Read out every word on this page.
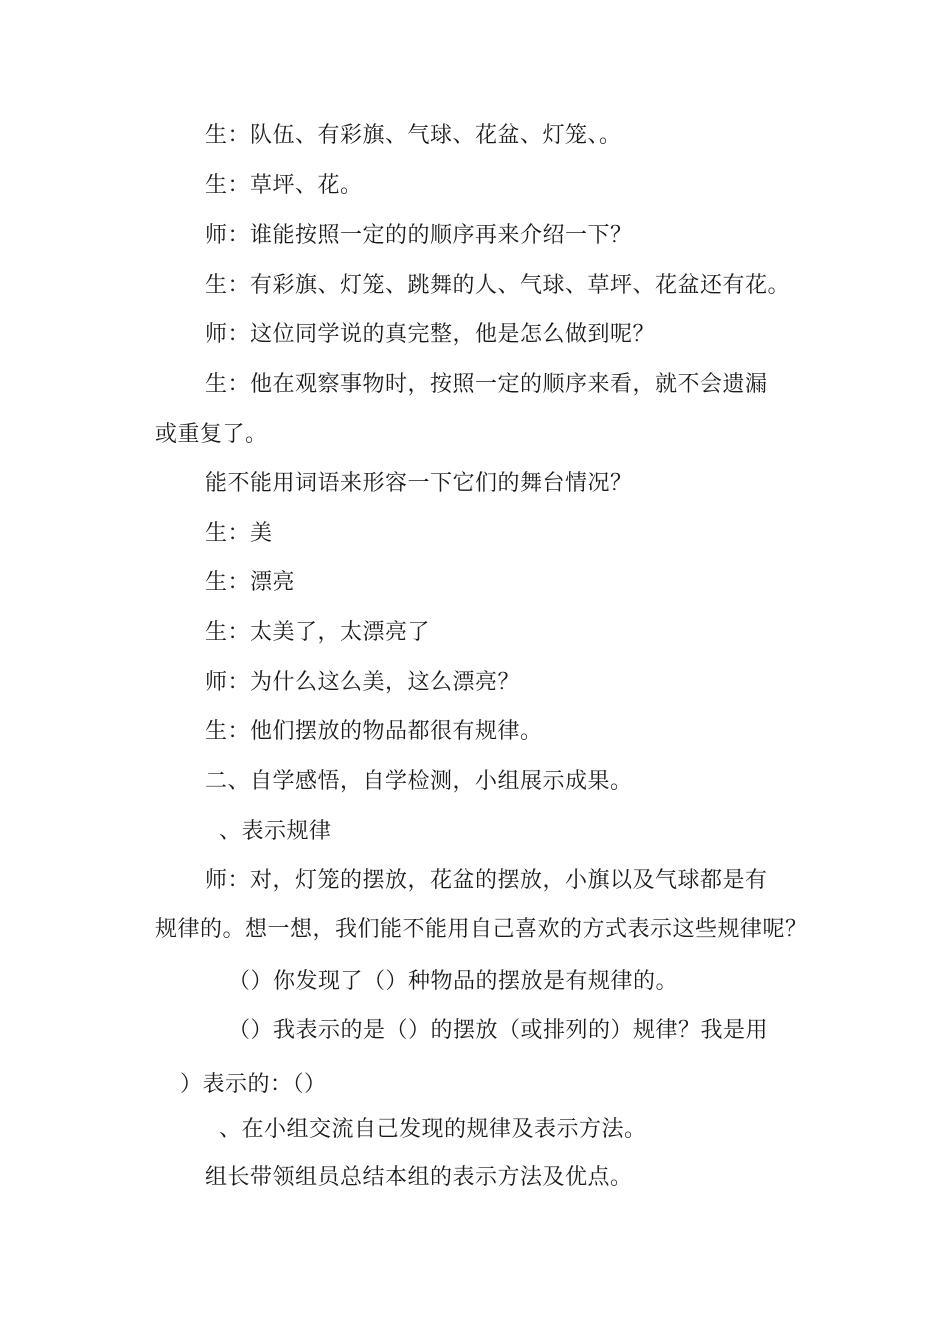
生：队伍、有彩旗、气球、花盆、灯笼、。
生：草坪、花。
师：谁能按照一定的的顺序再来介绍一下？
生：有彩旗、灯笼、跳舞的人、气球、草坪、花盆还有花。
师：这位同学说的真完整，他是怎么做到呢？
生：他在观察事物时，按照一定的顺序来看，就不会遗漏
或重复了。
能不能用词语来形容一下它们的舞台情况？
生：美
生：漂亮
生：太美了，太漂亮了
师：为什么这么美，这么漂亮？
生：他们摆放的物品都很有规律。
二、自学感悟，自学检测，小组展示成果。
、表示规律
师：对，灯笼的摆放，花盆的摆放，小旗以及气球都是有
规律的。想一想，我们能不能用自己喜欢的方式表示这些规律呢？
（）你发现了（）种物品的摆放是有规律的。
（）我表示的是（）的摆放（或排列的）规律？我是用
）表示的：（）
、在小组交流自己发现的规律及表示方法。
组长带领组员总结本组的表示方法及优点。
